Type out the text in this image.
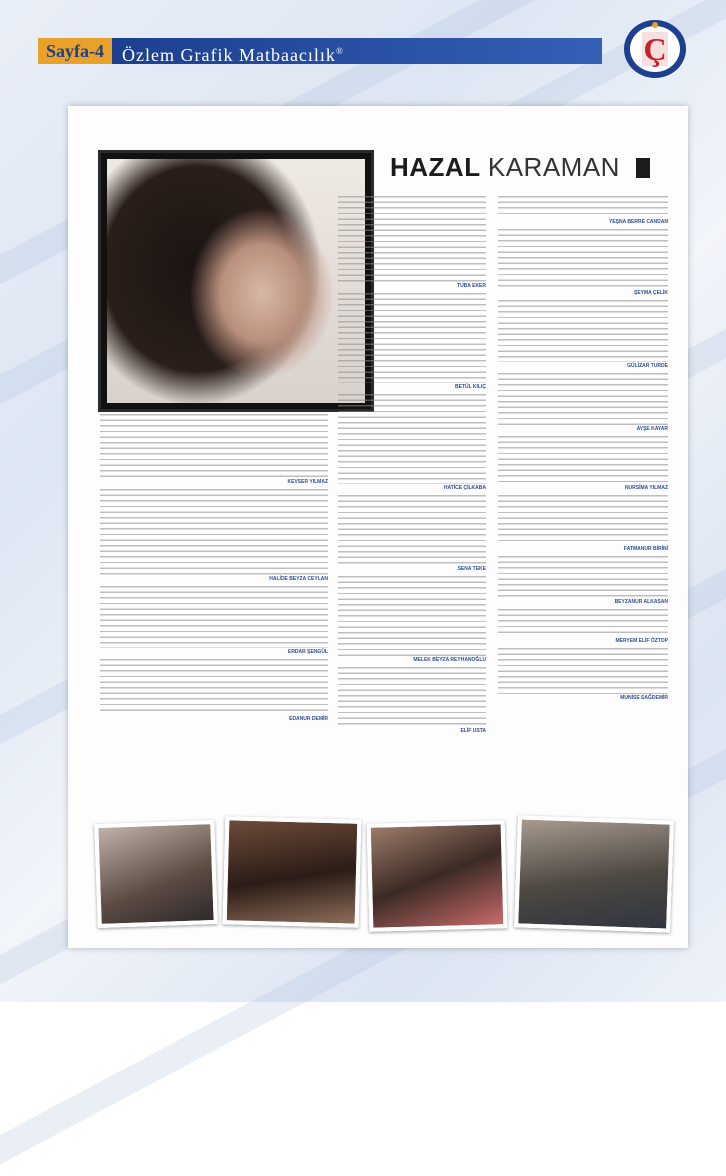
Sayfa-4	Özlem Grafik Matbaacılık®	Ç
HAZAL KARAMAN
KEVSER YILMAZ
HALİDE BEYZA CEYLAN
ERDAR ŞENGÜL
EDANUR DEMİR
TUBA EKER
BETÜL KILIÇ
HATİCE ÇİLKABA
SENA TEKE
MELEK BEYZA REYHANOĞLU
ELİF USTA
YEŞNA BERRE CANDAN
ŞEYMA ÇELİK
GÜLİZAR TURDE
AYŞE KAYAR
NURSİMA YILMAZ
FATMANUR BİRİNİ
BEYZANUR ALKASAN
MERYEM ELİF ÖZTOP
MUNİSE SAĞDEMİR
